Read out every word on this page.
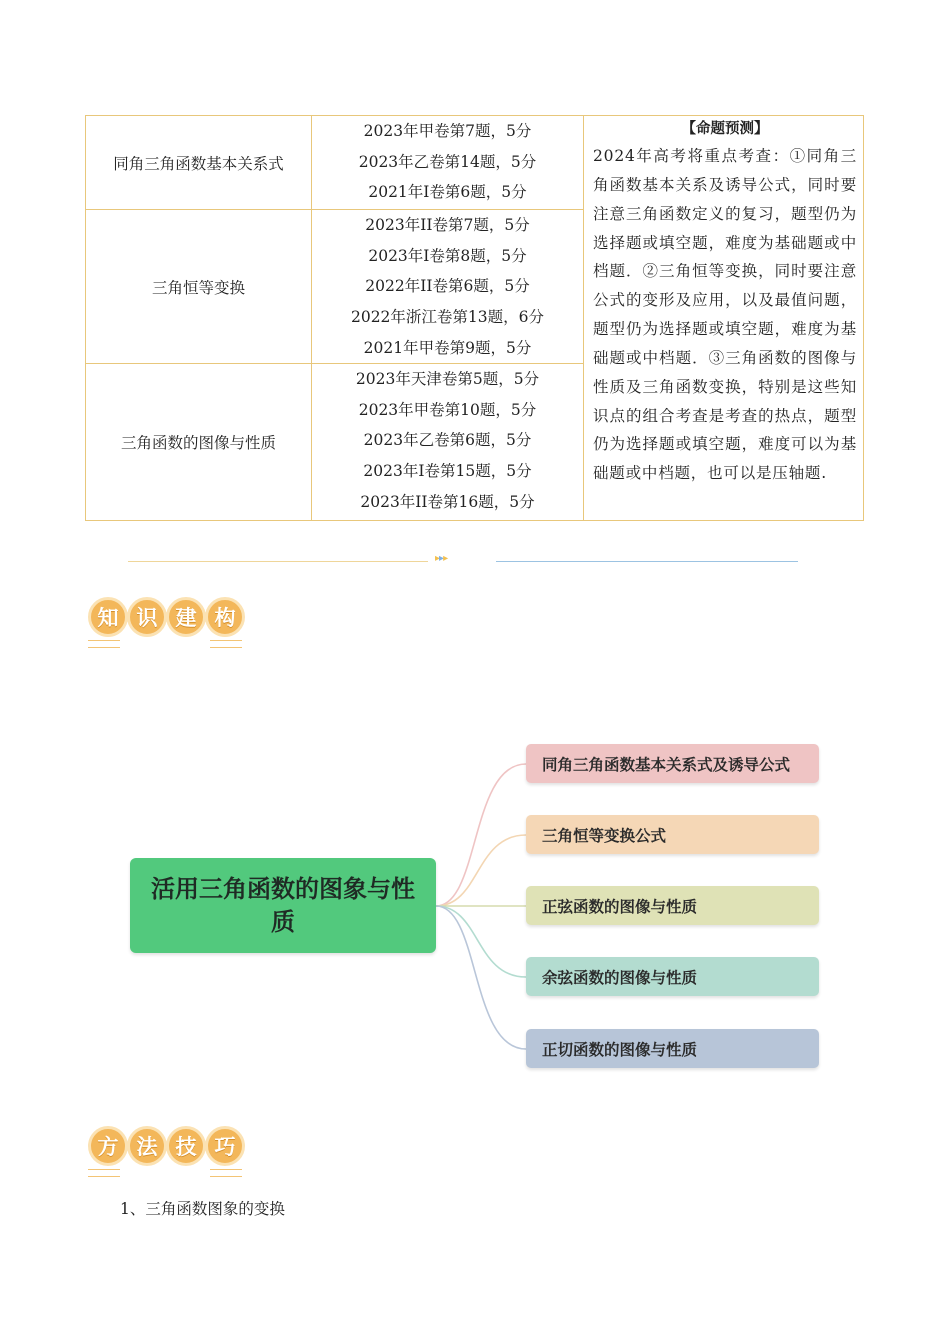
同角三角函数基本关系式
2023年甲卷第7题，5分
2023年乙卷第14题，5分
2021年I卷第6题，5分
三角恒等变换
2023年II卷第7题，5分
2023年I卷第8题，5分
2022年II卷第6题，5分
2022年浙江卷第13题，6分
2021年甲卷第9题，5分
三角函数的图像与性质
2023年天津卷第5题，5分
2023年甲卷第10题，5分
2023年乙卷第6题，5分
2023年I卷第15题，5分
2023年II卷第16题，5分
【命题预测】
2024年高考将重点考查：①同角三角函数基本关系及诱导公式，同时要注意三角函数定义的复习，题型仍为选择题或填空题，难度为基础题或中档题．②三角恒等变换，同时要注意公式的变形及应用，以及最值问题，题型仍为选择题或填空题，难度为基础题或中档题．③三角函数的图像与性质及三角函数变换，特别是这些知识点的组合考查是考查的热点，题型仍为选择题或填空题，难度可以为基础题或中档题，也可以是压轴题.
▸▸▸
知 识 建 构
活用三角函数的图象与性质
同角三角函数基本关系式及诱导公式
三角恒等变换公式
正弦函数的图像与性质
余弦函数的图像与性质
正切函数的图像与性质
方 法 技 巧
1、三角函数图象的变换
